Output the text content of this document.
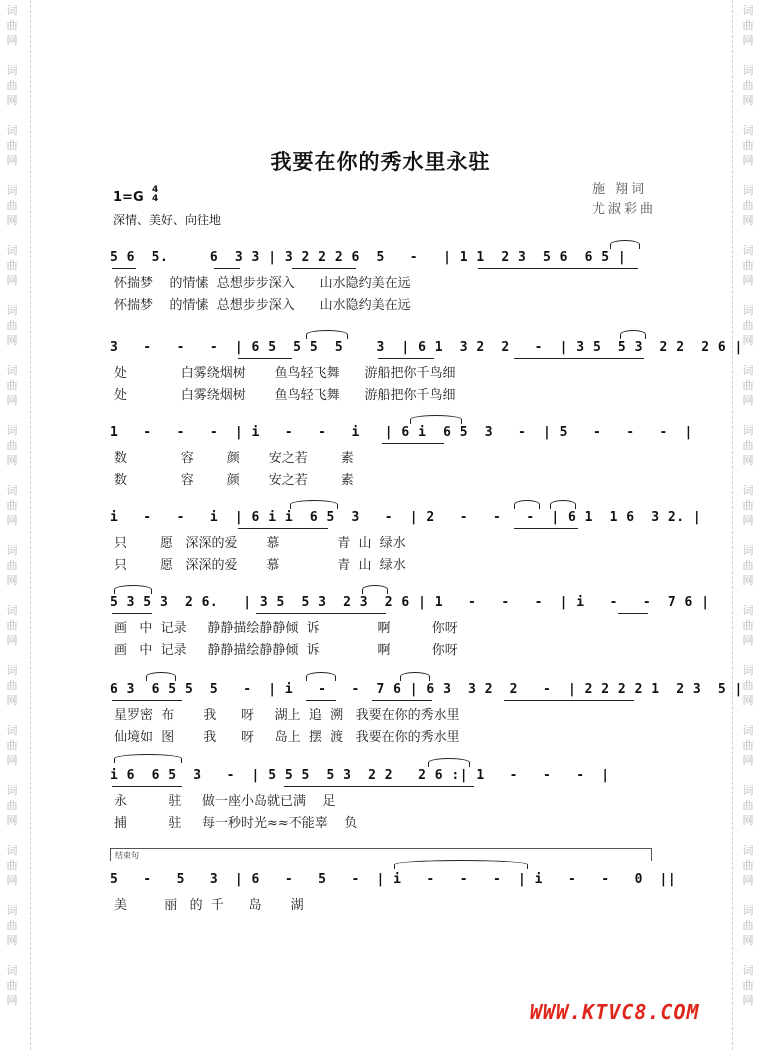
词
曲
网
词
曲
网
词
曲
网
词
曲
网
词
曲
网
词
曲
网
词
曲
网
词
曲
网
词
曲
网
词
曲
网
词
曲
网
词
曲
网
词
曲
网
词
曲
网
词
曲
网
词
曲
网
词
曲
网
词
曲
网
词
曲
网
词
曲
网
词
曲
网
词
曲
网
词
曲
网
词
曲
网
词
曲
网
词
曲
网
词
曲
网
词
曲
网
词
曲
网
词
曲
网
词
曲
网
词
曲
网
词
曲
网
词
曲
网
我要在你的秀水里永驻
施 翔词
尤淑彩曲
1=G 4
4
深情、美好、向往地
5 6  5.     6  3 3 | 3 2 2 2 6  5   -   | 1 1  2 3  5 6  6 5 |
怀揣梦    的情愫  总想步步深入      山水隐约美在远
怀揣梦    的情愫  总想步步深入      山水隐约美在远
3   -   -   -  | 6 5  5 5  5    3  | 6 1  3 2  2   -  | 3 5  5 3  2 2  2 6 |
处             白雾绕烟树       鱼鸟轻飞舞      游船把你千鸟细
处             白雾绕烟树       鱼鸟轻飞舞      游船把你千鸟细
1   -   -   -  | i   -   -   i   | 6 i  6 5  3   -  | 5   -   -   -  |
数             容        颜       安之若        素
数             容        颜       安之若        素
i   -   -   i  | 6 i i  6 5  3   -  | 2   -   -   -  | 6 1  1 6  3 2. |
只        愿   深深的爱       慕              青  山  绿水
只        愿   深深的爱       慕              青  山  绿水
5 3 5 3  2 6.   | 3 5  5 3  2 3  2 6 | 1   -   -   -  | i   -   -  7 6 |
画   中  记录     静静描绘静静倾  诉              啊          你呀
画   中  记录     静静描绘静静倾  诉              啊          你呀
6 3  6 5 5  5   -  | i   -   -  7 6 | 6 3  3 2  2   -  | 2 2 2 2 1  2 3  5 |
星罗密  布       我      呀     湖上  追  溯   我要在你的秀水里
仙境如  图       我      呀     岛上  摆  渡   我要在你的秀水里
i 6  6 5  3   -  | 5 5 5  5 3  2 2   2 6 :| 1   -   -   -  |
永          驻     做一座小岛就已满    足
捕          驻     每一秒时光≈≈不能辜    负
结束句
5   -   5   3  | 6   -   5   -  | i   -   -   -  | i   -   -   0  ||
美         丽   的  千      岛       湖
WWW.KTVC8.COM
